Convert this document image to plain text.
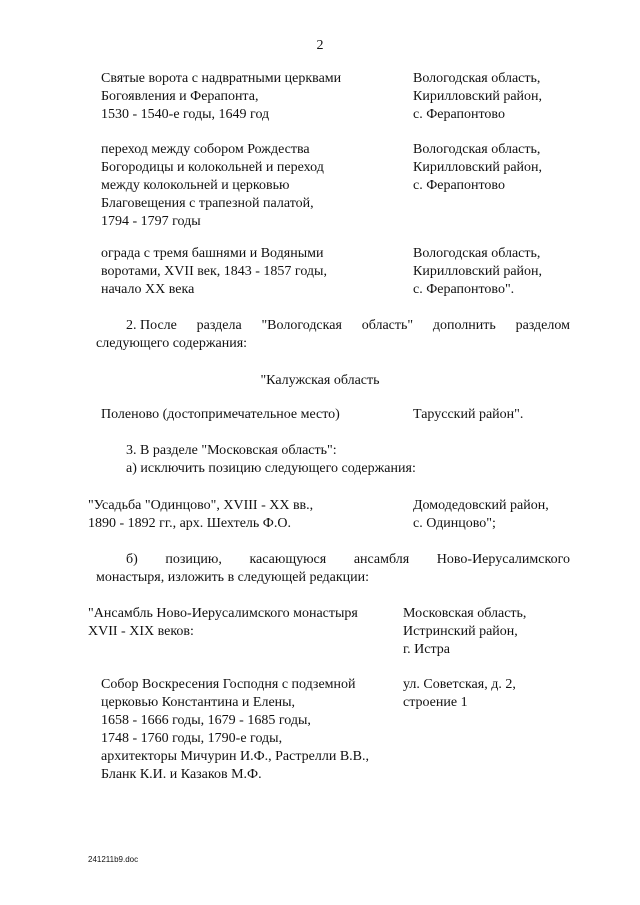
2
Святые ворота с надвратными церквами
Богоявления и Ферапонта,
1530 - 1540-е годы, 1649 год
Вологодская область,
Кирилловский район,
с. Ферапонтово
переход между собором Рождества
Богородицы и колокольней и переход
между колокольней и церковью
Благовещения с трапезной палатой,
1794 - 1797 годы
Вологодская область,
Кирилловский район,
с. Ферапонтово
ограда с тремя башнями и Водяными
воротами, XVII век, 1843 - 1857 годы,
начало XX века
Вологодская область,
Кирилловский район,
с. Ферапонтово".
2. После раздела "Вологодская область" дополнить разделом
следующего содержания:
"Калужская область
Поленово (достопримечательное место)	Тарусский район".
3. В разделе "Московская область":
а) исключить позицию следующего содержания:
"Усадьба "Одинцово", XVIII - XX вв.,
1890 - 1892 гг., арх. Шехтель Ф.О.
Домодедовский район,
с. Одинцово";
б) позицию, касающуюся ансамбля Ново-Иерусалимского
монастыря, изложить в следующей редакции:
"Ансамбль Ново-Иерусалимского монастыря
XVII - XIX веков:
Московская область,
Истринский район,
г. Истра
Собор Воскресения Господня с подземной
церковью Константина и Елены,
1658 - 1666 годы, 1679 - 1685 годы,
1748 - 1760 годы, 1790-е годы,
архитекторы Мичурин И.Ф., Растрелли В.В.,
Бланк К.И. и Казаков М.Ф.
ул. Советская, д. 2,
строение 1
241211b9.doc
